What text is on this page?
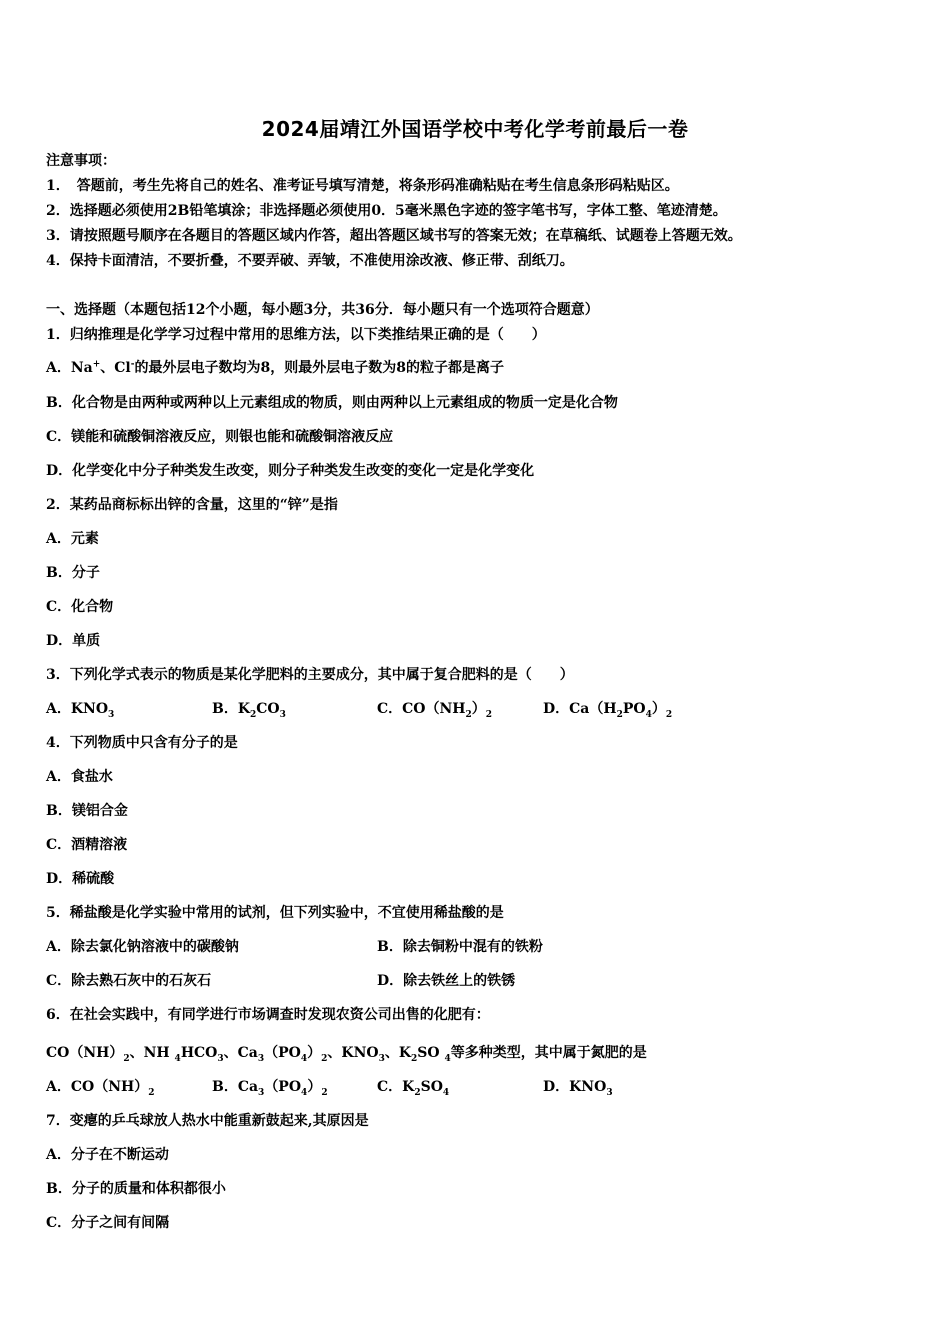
2024届靖江外国语学校中考化学考前最后一卷
注意事项：
1．　答题前，考生先将自己的姓名、准考证号填写清楚，将条形码准确粘贴在考生信息条形码粘贴区。
2．选择题必须使用2B铅笔填涂；非选择题必须使用0．5毫米黑色字迹的签字笔书写，字体工整、笔迹清楚。
3．请按照题号顺序在各题目的答题区域内作答，超出答题区域书写的答案无效；在草稿纸、试题卷上答题无效。
4．保持卡面清洁，不要折叠，不要弄破、弄皱，不准使用涂改液、修正带、刮纸刀。
一、选择题（本题包括12个小题，每小题3分，共36分．每小题只有一个选项符合题意）
1．归纳推理是化学学习过程中常用的思维方法，以下类推结果正确的是（　　）
A．Na+、Cl-的最外层电子数均为8，则最外层电子数为8的粒子都是离子
B．化合物是由两种或两种以上元素组成的物质，则由两种以上元素组成的物质一定是化合物
C．镁能和硫酸铜溶液反应，则银也能和硫酸铜溶液反应
D．化学变化中分子种类发生改变，则分子种类发生改变的变化一定是化学变化
2．某药品商标标出锌的含量，这里的“锌”是指
A．元素
B．分子
C．化合物
D．单质
3．下列化学式表示的物质是某化学肥料的主要成分，其中属于复合肥料的是（　　）
A．$KNO_3$	B．$K_2CO_3$	C．$CO(NH_2)_2$	D．$Ca(H_2PO_4)_2$
4．下列物质中只含有分子的是
A．食盐水
B．镁铝合金
C．酒精溶液
D．稀硫酸
5．稀盐酸是化学实验中常用的试剂，但下列实验中，不宜使用稀盐酸的是
A．除去氯化钠溶液中的碳酸钠	B．除去铜粉中混有的铁粉
C．除去熟石灰中的石灰石	D．除去铁丝上的铁锈
6．在社会实践中，有同学进行市场调查时发现农资公司出售的化肥有：
$CO(NH)_2$、NH $_4HCO_3$、$Ca_3(PO_4)_2$、$KNO_3$、$K_2SO$ $_4$等多种类型，其中属于氮肥的是
A．$CO(NH)_2$	B．$Ca_3(PO_4)_2$	C．$K_2SO_4$	D．$KNO_3$
7．变瘪的乒乓球放人热水中能重新鼓起来,其原因是
A．分子在不断运动
B．分子的质量和体积都很小
C．分子之间有间隔
